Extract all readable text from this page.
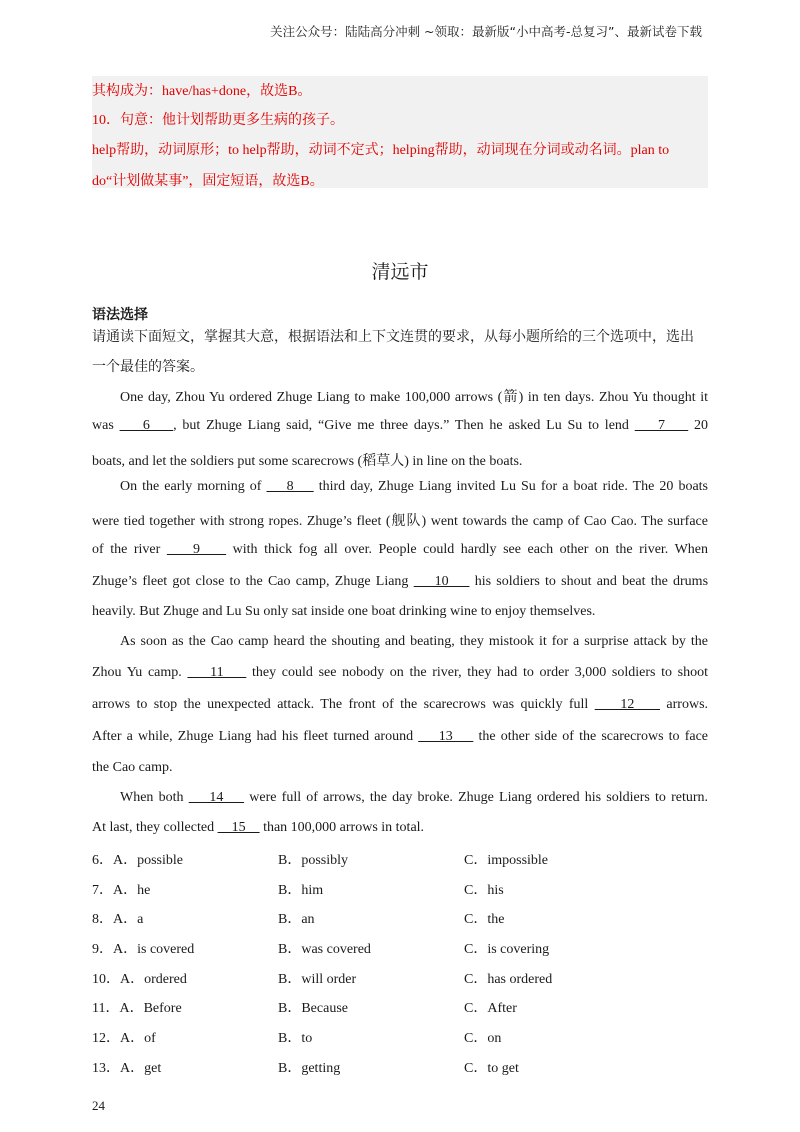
关注公众号：陆陆高分冲刺 ~领取：最新版“小中高考-总复习”、最新试卷下载
其构成为：have/has+done，故选B。
10．句意：他计划帮助更多生病的孩子。
help帮助，动词原形；to help帮助，动词不定式；helping帮助，动词现在分词或动名词。plan to
do“计划做某事”，固定短语，故选B。
清远市
语法选择
请通读下面短文，掌握其大意，根据语法和上下文连贯的要求，从每小题所给的三个选项中，选出
一个最佳的答案。
One day, Zhou Yu ordered Zhuge Liang to make 100,000 arrows (箭) in ten days. Zhou Yu thought it
was     6    , but Zhuge Liang said, “Give me three days.” Then he asked Lu Su to lend     7     20
boats, and let the soldiers put some scarecrows (稻草人) in line on the boats.
On the early morning of     8     third day, Zhuge Liang invited Lu Su for a boat ride. The 20 boats
were tied together with strong ropes. Zhuge’s fleet (舰队) went towards the camp of Cao Cao. The surface
of the river     9     with thick fog all over. People could hardly see each other on the river. When
Zhuge’s fleet got close to the Cao camp, Zhuge Liang     10     his soldiers to shout and beat the drums
heavily. But Zhuge and Lu Su only sat inside one boat drinking wine to enjoy themselves.
As soon as the Cao camp heard the shouting and beating, they mistook it for a surprise attack by the
Zhou Yu camp.     11     they could see nobody on the river, they had to order 3,000 soldiers to shoot
arrows to stop the unexpected attack. The front of the scarecrows was quickly full     12     arrows.
After a while, Zhuge Liang had his fleet turned around     13     the other side of the scarecrows to face
the Cao camp.
When both     14     were full of arrows, the day broke. Zhuge Liang ordered his soldiers to return.
At last, they collected     15     than 100,000 arrows in total.
6．A．possible	B．possibly	C．impossible
7．A．he	B．him	C．his
8．A．a	B．an	C．the
9．A．is covered	B．was covered	C．is covering
10．A．ordered	B．will order	C．has ordered
11．A．Before	B．Because	C．After
12．A．of	B．to	C．on
13．A．get	B．getting	C．to get
24
